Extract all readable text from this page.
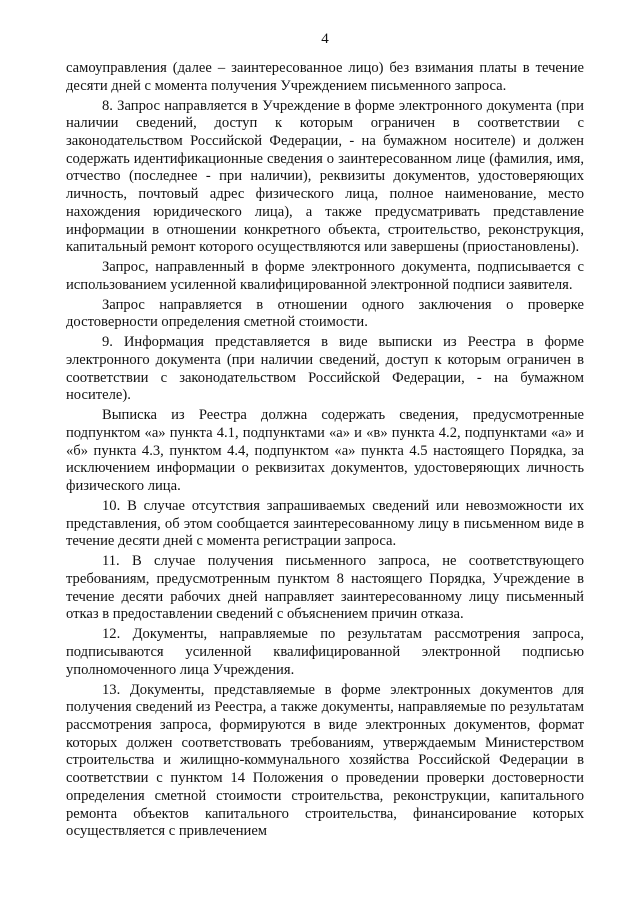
4

самоуправления (далее – заинтересованное лицо) без взимания платы в течение десяти дней с момента получения Учреждением письменного запроса.

8. Запрос направляется в Учреждение в форме электронного документа (при наличии сведений, доступ к которым ограничен в соответствии с законодательством Российской Федерации, - на бумажном носителе) и должен содержать идентификационные сведения о заинтересованном лице (фамилия, имя, отчество (последнее - при наличии), реквизиты документов, удостоверяющих личность, почтовый адрес физического лица, полное наименование, место нахождения юридического лица), а также предусматривать представление информации в отношении конкретного объекта, строительство, реконструкция, капитальный ремонт которого осуществляются или завершены (приостановлены).

Запрос, направленный в форме электронного документа, подписывается с использованием усиленной квалифицированной электронной подписи заявителя.

Запрос направляется в отношении одного заключения о проверке достоверности определения сметной стоимости.

9. Информация представляется в виде выписки из Реестра в форме электронного документа (при наличии сведений, доступ к которым ограничен в соответствии с законодательством Российской Федерации, - на бумажном носителе).

Выписка из Реестра должна содержать сведения, предусмотренные подпунктом «а» пункта 4.1, подпунктами «а» и «в» пункта 4.2, подпунктами «а» и «б» пункта 4.3, пунктом 4.4, подпунктом «а» пункта 4.5 настоящего Порядка, за исключением информации о реквизитах документов, удостоверяющих личность физического лица.

10. В случае отсутствия запрашиваемых сведений или невозможности их представления, об этом сообщается заинтересованному лицу в письменном виде в течение десяти дней с момента регистрации запроса.

11. В случае получения письменного запроса, не соответствующего требованиям, предусмотренным пунктом 8 настоящего Порядка, Учреждение в течение десяти рабочих дней направляет заинтересованному лицу письменный отказ в предоставлении сведений с объяснением причин отказа.

12. Документы, направляемые по результатам рассмотрения запроса, подписываются усиленной квалифицированной электронной подписью уполномоченного лица Учреждения.

13. Документы, представляемые в форме электронных документов для получения сведений из Реестра, а также документы, направляемые по результатам рассмотрения запроса, формируются в виде электронных документов, формат которых должен соответствовать требованиям, утверждаемым Министерством строительства и жилищно-коммунального хозяйства Российской Федерации в соответствии с пунктом 14 Положения о проведении проверки достоверности определения сметной стоимости строительства, реконструкции, капитального ремонта объектов капитального строительства, финансирование которых осуществляется с привлечением
